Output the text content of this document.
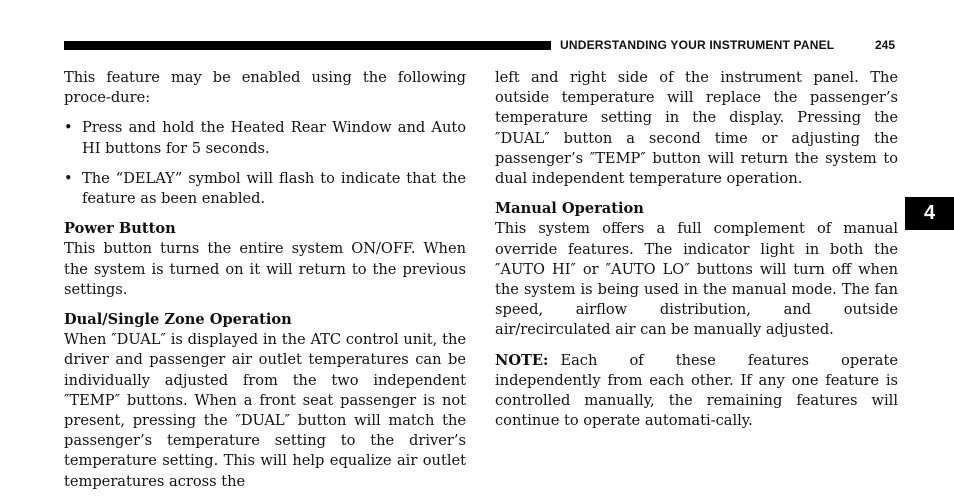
UNDERSTANDING YOUR INSTRUMENT PANEL	245
4

This feature may be enabled using the following proce-dure:

• Press and hold the Heated Rear Window and Auto HI buttons for 5 seconds.
• The “DELAY” symbol will flash to indicate that the feature as been enabled.

Power Button

This button turns the entire system ON/OFF. When the system is turned on it will return to the previous settings.

Dual/Single Zone Operation

When ″DUAL″ is displayed in the ATC control unit, the driver and passenger air outlet temperatures can be individually adjusted from the two independent ″TEMP″ buttons. When a front seat passenger is not present, pressing the ″DUAL″ button will match the passenger’s temperature setting to the driver’s temperature setting. This will help equalize air outlet temperatures across the

left and right side of the instrument panel. The outside temperature will replace the passenger’s temperature setting in the display. Pressing the ″DUAL″ button a second time or adjusting the passenger’s ″TEMP″ button will return the system to dual independent temperature operation.

Manual Operation

This system offers a full complement of manual override features. The indicator light in both the ″AUTO HI″ or ″AUTO LO″ buttons will turn off when the system is being used in the manual mode. The fan speed, airflow distribution, and outside air/recirculated air can be manually adjusted.

NOTE: Each of these features operate independently from each other. If any one feature is controlled manually, the remaining features will continue to operate automati-cally.
